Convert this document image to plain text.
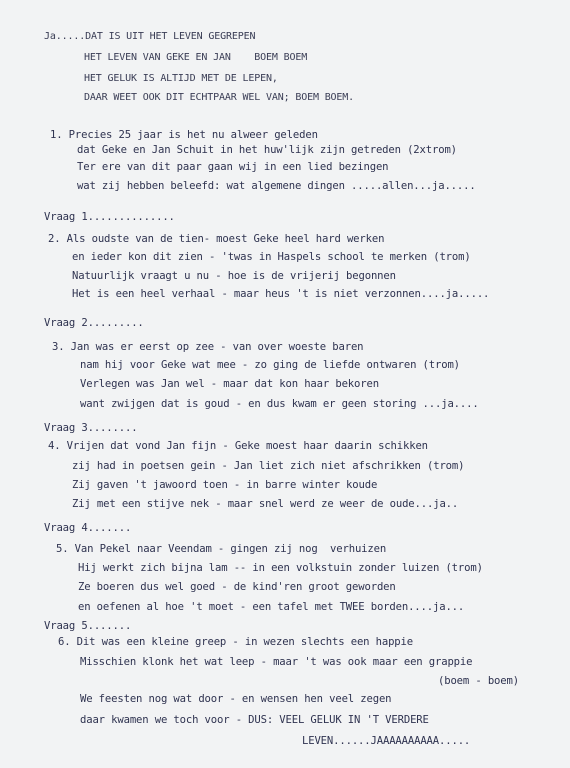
Ja.....DAT IS UIT HET LEVEN GEGREPEN
HET LEVEN VAN GEKE EN JAN    BOEM BOEM
HET GELUK IS ALTIJD MET DE LEPEN,
DAAR WEET OOK DIT ECHTPAAR WEL VAN; BOEM BOEM.
1. Precies 25 jaar is het nu alweer geleden
dat Geke en Jan Schuit in het huw'lijk zijn getreden (2xtrom)
Ter ere van dit paar gaan wij in een lied bezingen
wat zij hebben beleefd: wat algemene dingen .....allen...ja.....
Vraag 1..............
2. Als oudste van de tien- moest Geke heel hard werken
en ieder kon dit zien - 'twas in Haspels school te merken (trom)
Natuurlijk vraagt u nu - hoe is de vrijerij begonnen
Het is een heel verhaal - maar heus 't is niet verzonnen....ja.....
Vraag 2.........
3. Jan was er eerst op zee - van over woeste baren
nam hij voor Geke wat mee - zo ging de liefde ontwaren (trom)
Verlegen was Jan wel - maar dat kon haar bekoren
want zwijgen dat is goud - en dus kwam er geen storing ...ja....
Vraag 3........
4. Vrijen dat vond Jan fijn - Geke moest haar daarin schikken
zij had in poetsen gein - Jan liet zich niet afschrikken (trom)
Zij gaven 't jawoord toen - in barre winter koude
Zij met een stijve nek - maar snel werd ze weer de oude...ja..
Vraag 4.......
5. Van Pekel naar Veendam - gingen zij nog  verhuizen
Hij werkt zich bijna lam -- in een volkstuin zonder luizen (trom)
Ze boeren dus wel goed - de kind'ren groot geworden
en oefenen al hoe 't moet - een tafel met TWEE borden....ja...
Vraag 5.......
6. Dit was een kleine greep - in wezen slechts een happie
Misschien klonk het wat leep - maar 't was ook maar een grappie
(boem - boem)
We feesten nog wat door - en wensen hen veel zegen
daar kwamen we toch voor - DUS: VEEL GELUK IN 'T VERDERE
LEVEN......JAAAAAAAAAA.....
